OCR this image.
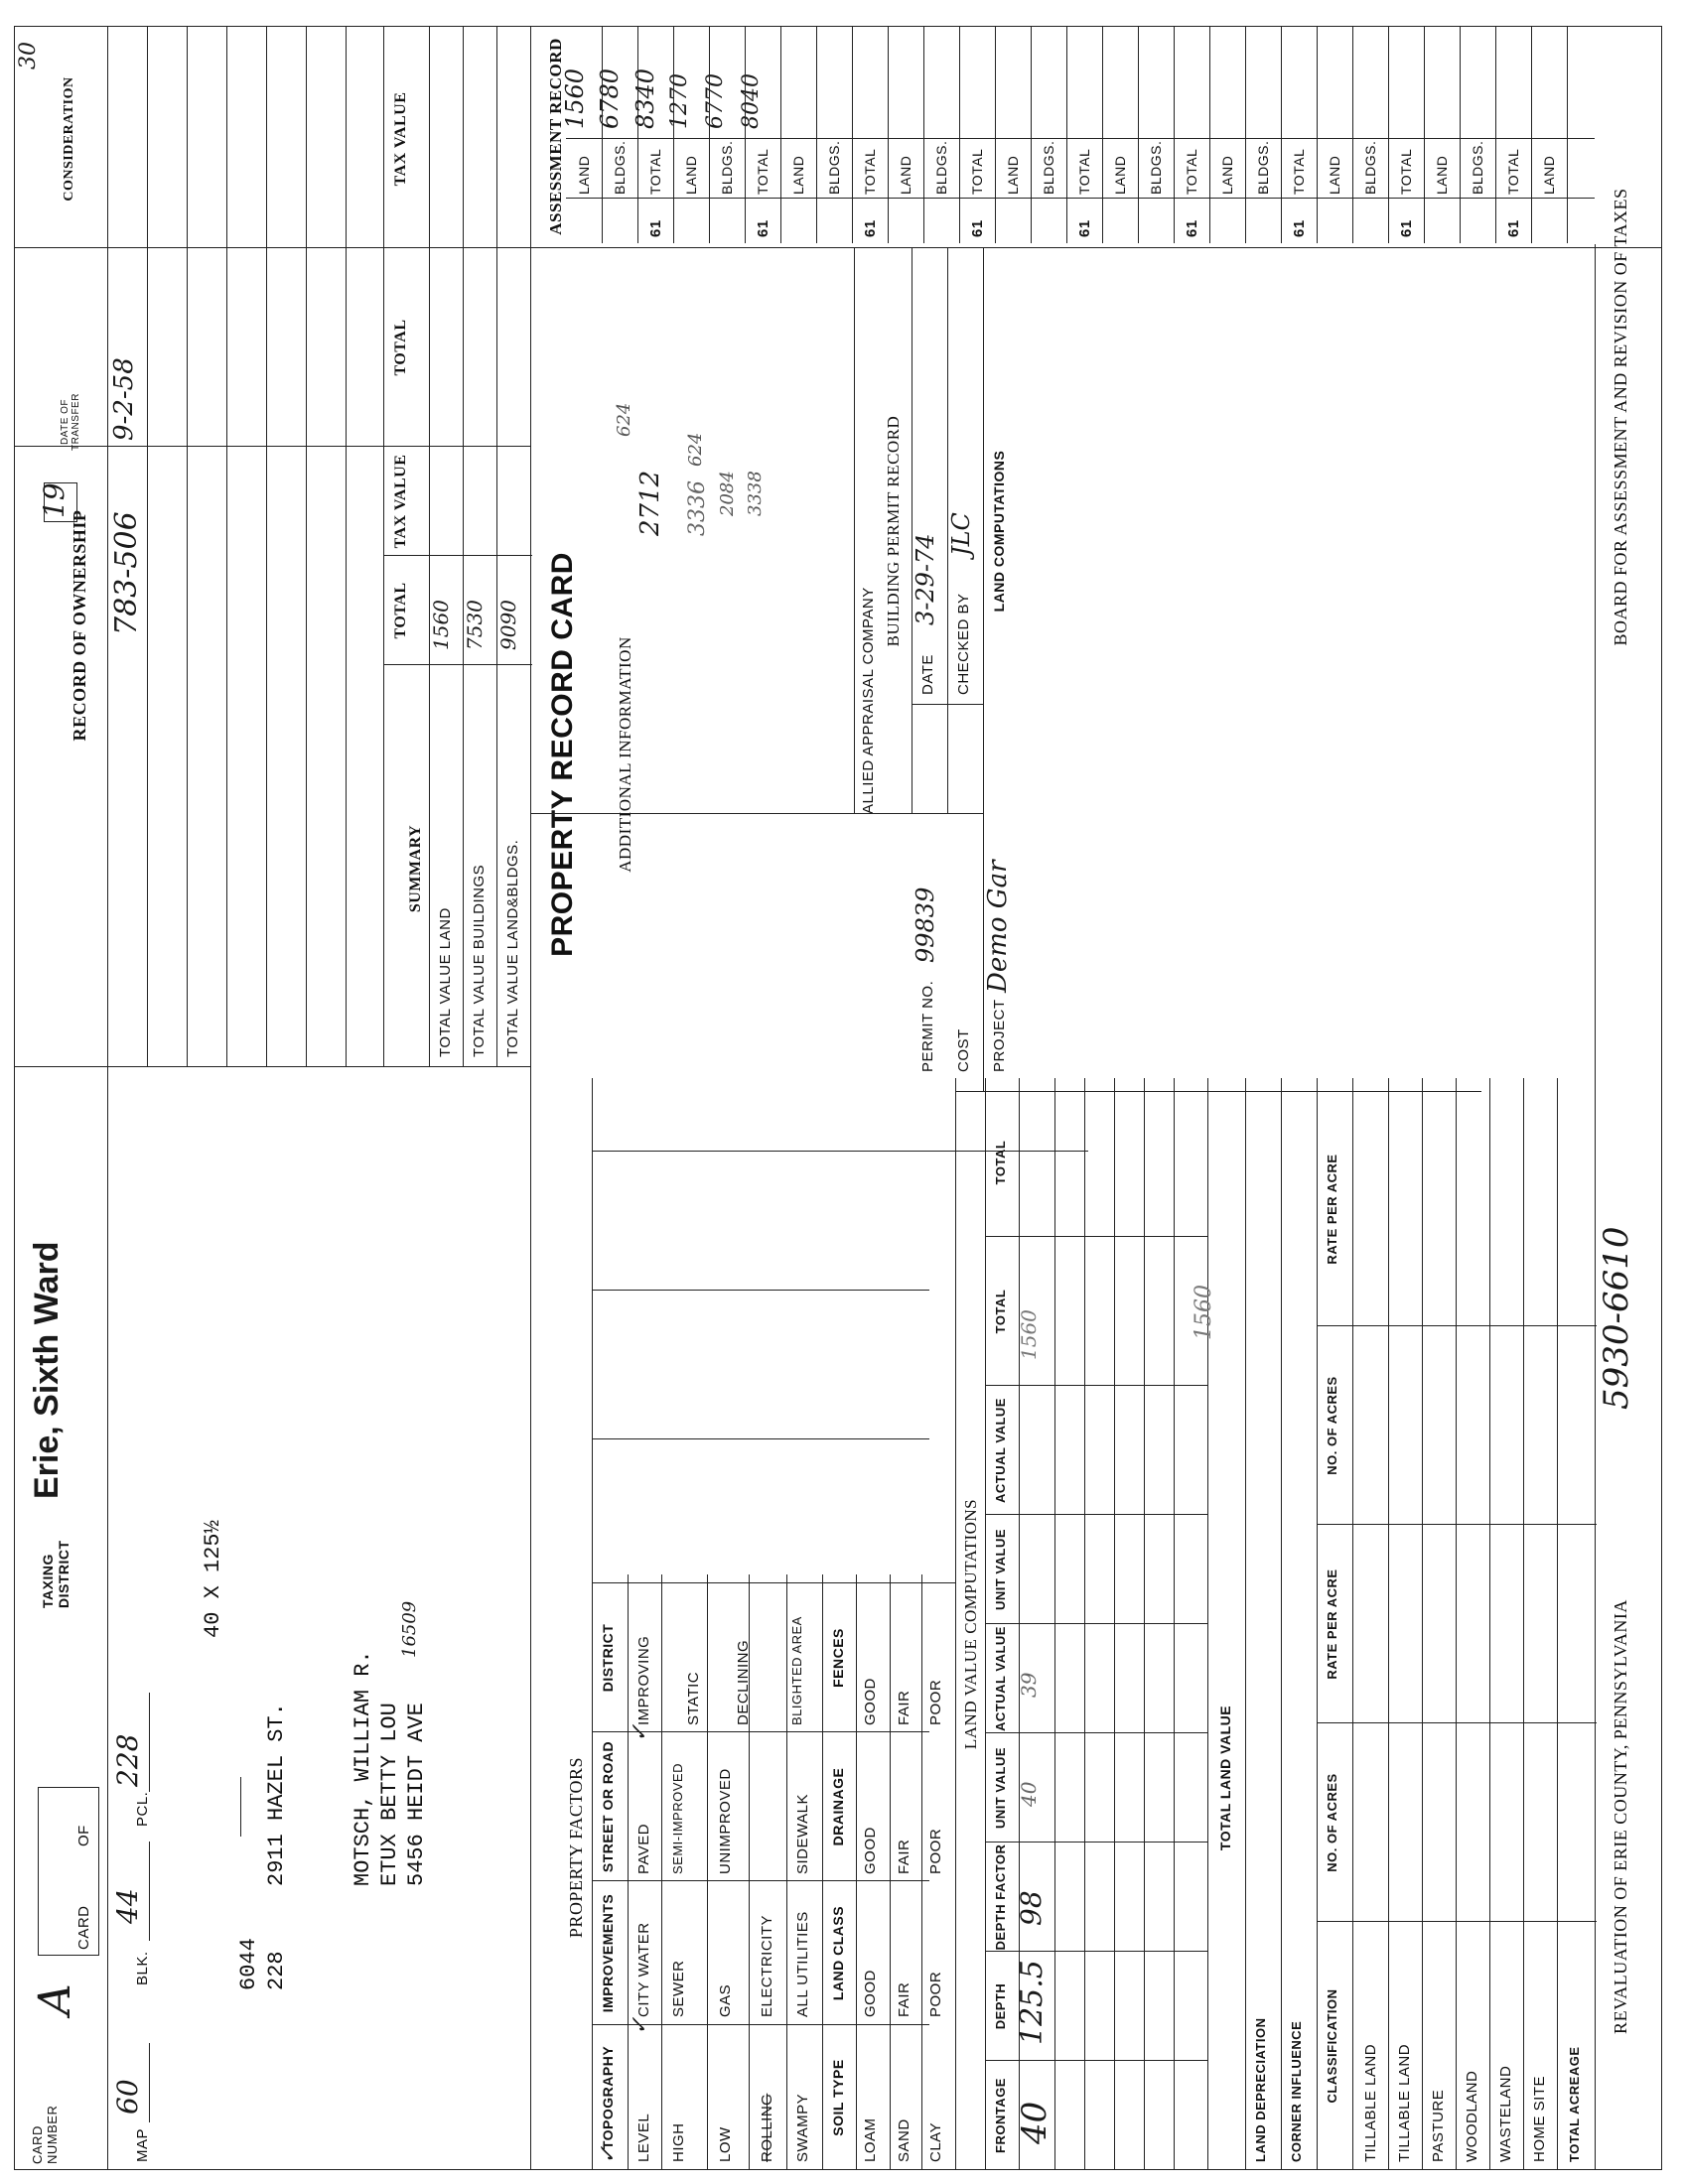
CARD NUMBER
A
CARD
OF
TAXING DISTRICT
Erie, Sixth Ward
RECORD OF OWNERSHIP
19
DATE OF TRANSFER
CONSIDERATION
30
MAP
60
BLK.
44
PCL.
228
6044 228
2911 HAZEL ST.
40 X 125½
MOTSCH, WILLIAM R. ETUX BETTY LOU 5456 HEIDT AVE
16509
783-506
9-2-58
SUMMARY
TOTAL
TAX VALUE
TOTAL
TAX VALUE
TOTAL VALUE LAND
1560
TOTAL VALUE BUILDINGS
7530
TOTAL VALUE LAND&BLDGS.
9090 PROPERTY RECORD CARD ADDITIONAL INFORMATION
624
2712 3336
624
2084 3338
ALLIED APPRAISAL COMPANY
BUILDING PERMIT RECORD
PERMIT NO.
99839
DATE
3-29-74
COST
CHECKED BY
JLC
PROJECT
Demo Gar
ASSESSMENT RECORD
PROPERTY FACTORS
TOPOGRAPHY
IMPROVEMENTS
STREET OR ROAD
DISTRICT
LEVEL HIGH LOW ROLLING SWAMPY
CITY WATER SEWER GAS ELECTRICITY ALL UTILITIES
PAVED SEMI-IMPROVED UNIMPROVED	SIDEWALK
IMPROVING STATIC DECLINING	BLIGHTED AREA
✓
✓
✓
SOIL TYPE
LAND CLASS
DRAINAGE
FENCES
LOAM SAND CLAY
GOOD FAIR POOR
GOOD FAIR POOR
GOOD FAIR POOR LAND VALUE COMPUTATIONS
FRONTAGE
DEPTH
DEPTH FACTOR
UNIT VALUE
ACTUAL VALUE
UNIT VALUE
ACTUAL VALUE
TOTAL
TOTAL
40
125.5
98
40
39
1560
TOTAL LAND VALUE
1560
LAND COMPUTATIONS
LAND DEPRECIATION CORNER INFLUENCE CLASSIFICATION
NO. OF ACRES
RATE PER ACRE
NO. OF ACRES
RATE PER ACRE
TILLABLE LAND TILLABLE LAND PASTURE WOODLAND WASTELAND HOME SITE TOTAL ACREAGE
1560 6780 8340 1270 6770 8040
REVALUATION OF ERIE COUNTY, PENNSYLVANIA
5930-6610
BOARD FOR ASSESSMENT AND REVISION OF TAXES
LAND BLDGS. TOTAL
61
LAND BLDGS. TOTAL
61
LAND BLDGS. TOTAL
61
LAND BLDGS. TOTAL
61
LAND BLDGS. TOTAL
61
LAND BLDGS. TOTAL
61
LAND BLDGS. TOTAL
61
LAND BLDGS. TOTAL
61
LAND BLDGS. TOTAL
61
LAND
